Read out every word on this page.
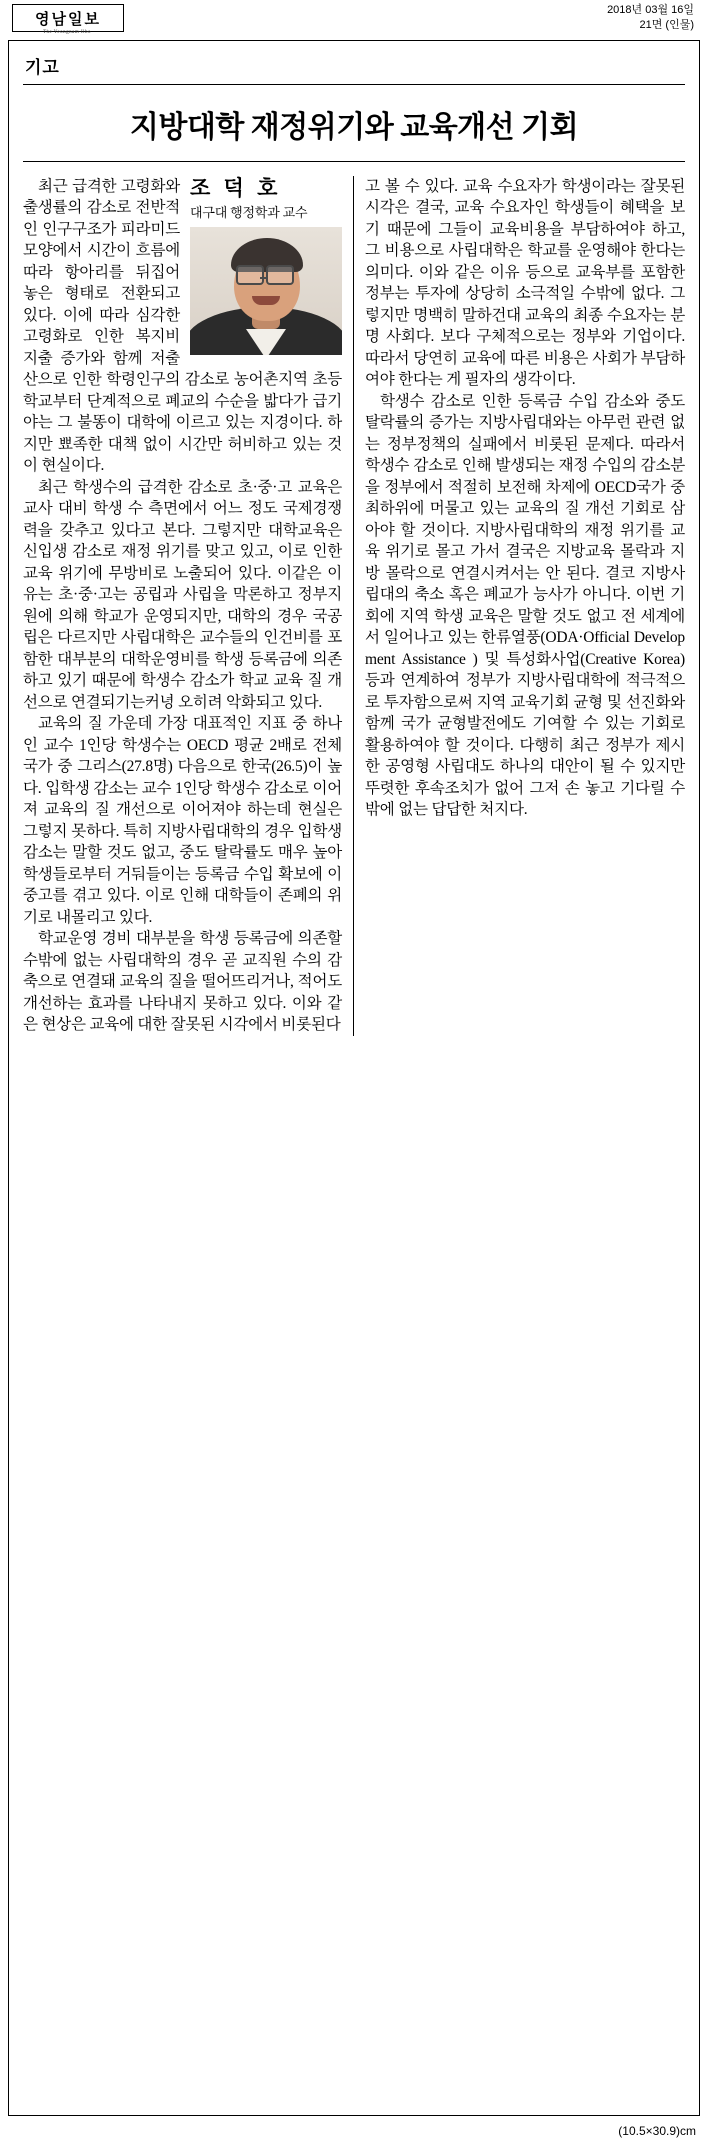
영남일보
The Yeongnam Ilbo
2018년 03월 16일
21면 (인물)
기고
지방대학 재정위기와 교육개선 기회
조 덕 호
대구대 행정학과 교수

최근 급격한 고령화와 출생률의 감소로 전반적인 인구구조가 피라미드 모양에서 시간이 흐름에 따라 항아리를 뒤집어 놓은 형태로 전환되고 있다. 이에 따라 심각한 고령화로 인한 복지비 지출 증가와 함께 저출산으로 인한 학령인구의 감소로 농어촌지역 초등학교부터 단계적으로 폐교의 수순을 밟다가 급기야는 그 불똥이 대학에 이르고 있는 지경이다. 하지만 뾰족한 대책 없이 시간만 허비하고 있는 것이 현실이다.

최근 학생수의 급격한 감소로 초·중·고 교육은 교사 대비 학생 수 측면에서 어느 정도 국제경쟁력을 갖추고 있다고 본다. 그렇지만 대학교육은 신입생 감소로 재정 위기를 맞고 있고, 이로 인한 교육 위기에 무방비로 노출되어 있다. 이같은 이유는 초·중·고는 공립과 사립을 막론하고 정부지원에 의해 학교가 운영되지만, 대학의 경우 국공립은 다르지만 사립대학은 교수들의 인건비를 포함한 대부분의 대학운영비를 학생 등록금에 의존하고 있기 때문에 학생수 감소가 학교 교육 질 개선으로 연결되기는커녕 오히려 악화되고 있다.

교육의 질 가운데 가장 대표적인 지표 중 하나인 교수 1인당 학생수는 OECD 평균 2배로 전체 국가 중 그리스(27.8명) 다음으로 한국(26.5)이 높다. 입학생 감소는 교수 1인당 학생수 감소로 이어져 교육의 질 개선으로 이어져야 하는데 현실은 그렇지 못하다. 특히 지방사립대학의 경우 입학생 감소는 말할 것도 없고, 중도 탈락률도 매우 높아 학생들로부터 거둬들이는 등록금 수입 확보에 이중고를 겪고 있다. 이로 인해 대학들이 존폐의 위기로 내몰리고 있다.

학교운영 경비 대부분을 학생 등록금에 의존할 수밖에 없는 사립대학의 경우 곧 교직원 수의 감축으로 연결돼 교육의 질을 떨어뜨리거나, 적어도 개선하는 효과를 나타내지 못하고 있다. 이와 같은 현상은 교육에 대한 잘못된 시각에서 비롯된다

고 볼 수 있다. 교육 수요자가 학생이라는 잘못된 시각은 결국, 교육 수요자인 학생들이 혜택을 보기 때문에 그들이 교육비용을 부담하여야 하고, 그 비용으로 사립대학은 학교를 운영해야 한다는 의미다. 이와 같은 이유 등으로 교육부를 포함한 정부는 투자에 상당히 소극적일 수밖에 없다. 그렇지만 명백히 말하건대 교육의 최종 수요자는 분명 사회다. 보다 구체적으로는 정부와 기업이다. 따라서 당연히 교육에 따른 비용은 사회가 부담하여야 한다는 게 필자의 생각이다.

학생수 감소로 인한 등록금 수입 감소와 중도 탈락률의 증가는 지방사립대와는 아무런 관련 없는 정부정책의 실패에서 비롯된 문제다. 따라서 학생수 감소로 인해 발생되는 재정 수입의 감소분을 정부에서 적절히 보전해 차제에 OECD국가 중 최하위에 머물고 있는 교육의 질 개선 기회로 삼아야 할 것이다. 지방사립대학의 재정 위기를 교육 위기로 몰고 가서 결국은 지방교육 몰락과 지방 몰락으로 연결시켜서는 안 된다. 결코 지방사립대의 축소 혹은 폐교가 능사가 아니다. 이번 기회에 지역 학생 교육은 말할 것도 없고 전 세계에서 일어나고 있는 한류열풍(ODA·Official Development Assistance ) 및 특성화사업(Creative Korea) 등과 연계하여 정부가 지방사립대학에 적극적으로 투자함으로써 지역 교육기회 균형 및 선진화와 함께 국가 균형발전에도 기여할 수 있는 기회로 활용하여야 할 것이다. 다행히 최근 정부가 제시한 공영형 사립대도 하나의 대안이 될 수 있지만 뚜렷한 후속조치가 없어 그저 손 놓고 기다릴 수밖에 없는 답답한 처지다.

(10.5×30.9)cm
